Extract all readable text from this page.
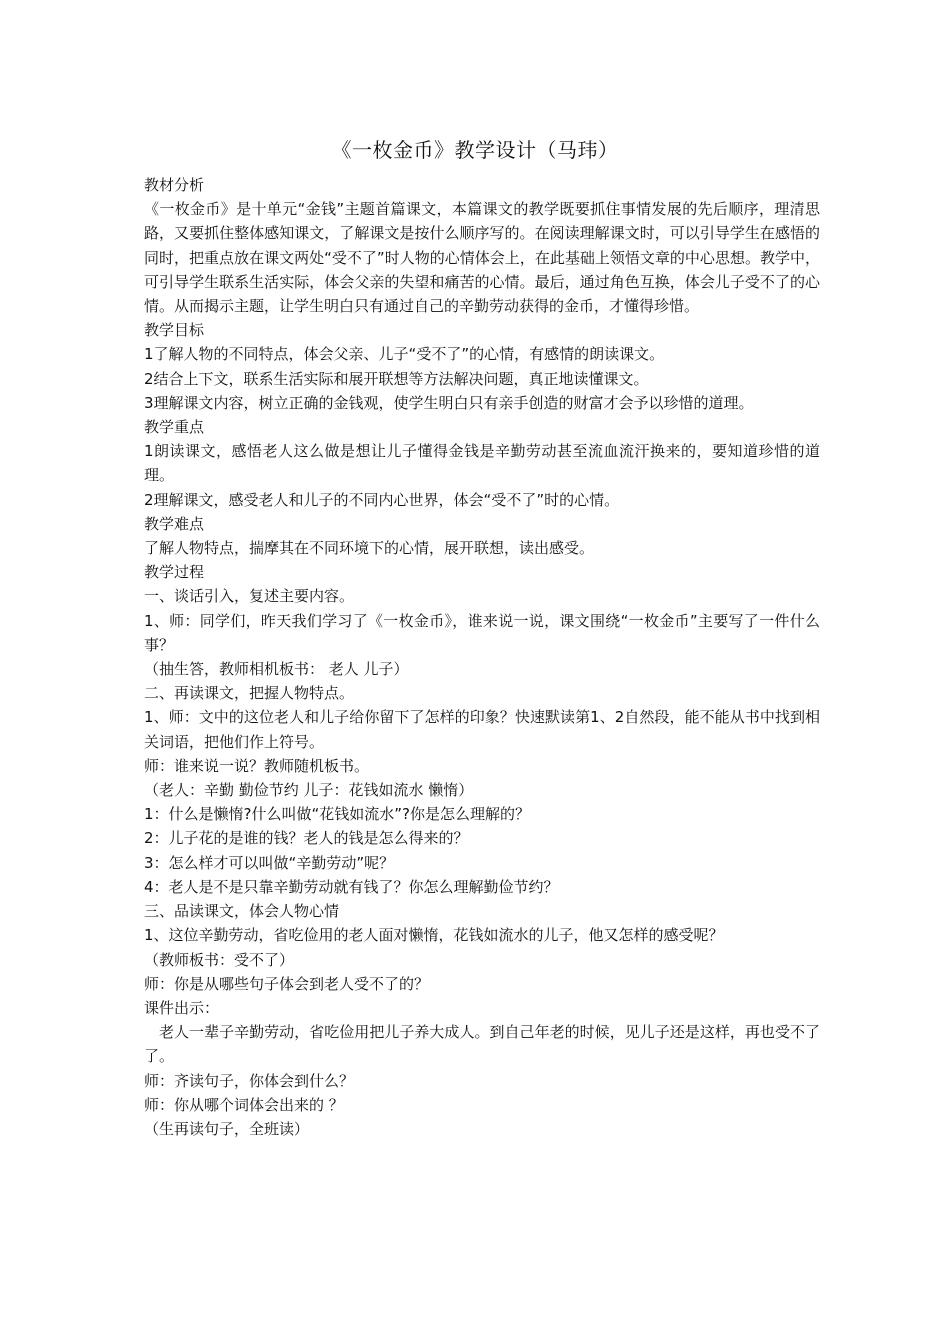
《一枚金币》教学设计（马玮）

教材分析

《一枚金币》是十单元“金钱”主题首篇课文，本篇课文的教学既要抓住事情发展的先后顺序，理清思路，又要抓住整体感知课文，了解课文是按什么顺序写的。在阅读理解课文时，可以引导学生在感悟的同时，把重点放在课文两处“受不了”时人物的心情体会上，在此基础上领悟文章的中心思想。教学中，可引导学生联系生活实际，体会父亲的失望和痛苦的心情。最后，通过角色互换，体会儿子受不了的心情。从而揭示主题，让学生明白只有通过自己的辛勤劳动获得的金币，才懂得珍惜。

教学目标

1了解人物的不同特点，体会父亲、儿子“受不了”的心情，有感情的朗读课文。

2结合上下文，联系生活实际和展开联想等方法解决问题，真正地读懂课文。

3理解课文内容，树立正确的金钱观，使学生明白只有亲手创造的财富才会予以珍惜的道理。

教学重点

1朗读课文，感悟老人这么做是想让儿子懂得金钱是辛勤劳动甚至流血流汗换来的，要知道珍惜的道理。

2理解课文，感受老人和儿子的不同内心世界，体会“受不了”时的心情。

教学难点

了解人物特点，揣摩其在不同环境下的心情，展开联想，读出感受。

教学过程

一、谈话引入，复述主要内容。

1、师：同学们，昨天我们学习了《一枚金币》，谁来说一说，课文围绕“一枚金币”主要写了一件什么事？

（抽生答，教师相机板书： 老人 儿子）

二、再读课文，把握人物特点。

1、师：文中的这位老人和儿子给你留下了怎样的印象？快速默读第1、2自然段，能不能从书中找到相关词语，把他们作上符号。

师：谁来说一说？教师随机板书。

（老人：辛勤 勤俭节约 儿子：花钱如流水 懒惰）

1：什么是懒惰?什么叫做“花钱如流水”?你是怎么理解的？

2：儿子花的是谁的钱？老人的钱是怎么得来的？

3：怎么样才可以叫做“辛勤劳动”呢？

4：老人是不是只靠辛勤劳动就有钱了？你怎么理解勤俭节约？

三、品读课文，体会人物心情

1、这位辛勤劳动，省吃俭用的老人面对懒惰，花钱如流水的儿子，他又怎样的感受呢？

（教师板书：受不了）

师：你是从哪些句子体会到老人受不了的？

课件出示：

老人一辈子辛勤劳动，省吃俭用把儿子养大成人。到自己年老的时候，见儿子还是这样，再也受不了了。

师：齐读句子，你体会到什么？

师：你从哪个词体会出来的 ？

（生再读句子，全班读）
